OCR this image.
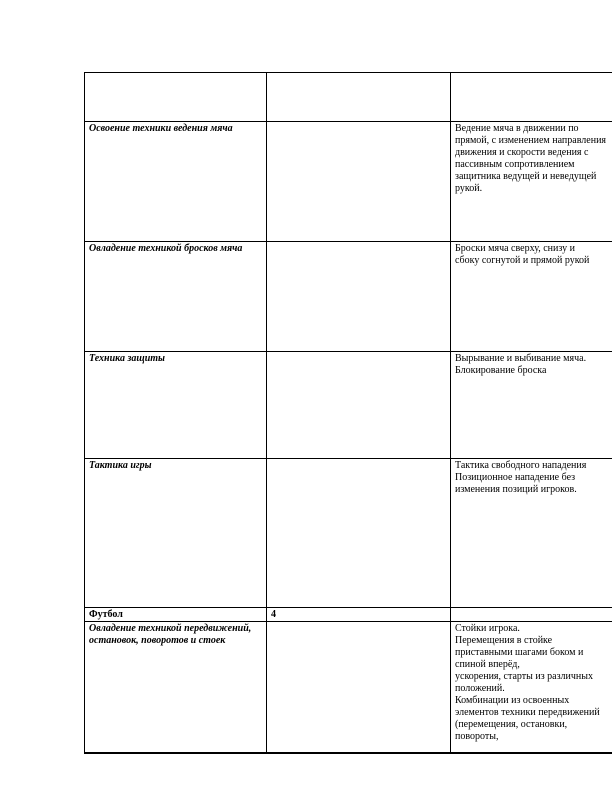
Освоение техники ведения мяча		Ведение мяча в движении по прямой, с изменением направления движения и скорости ведения с пассивным сопротивлением защитника ведущей и неведущей рукой.
Овладение техникой бросков мяча		Броски мяча сверху, снизу и
сбоку согнутой и прямой рукой
Техника защиты		Вырывание и выбивание мяча.
Блокирование броска
Тактика игры		Тактика свободного нападения
Позиционное нападение без изменения позиций игроков.
Футбол	4	
Овладение техникой передвижений, остановок, поворотов и стоек		Стойки игрока.
Перемещения в стойке приставными шагами боком и спиной вперёд,
ускорения, старты из различных положений.
Комбинации из освоенных элементов техники передвижений (перемещения, остановки, повороты,
